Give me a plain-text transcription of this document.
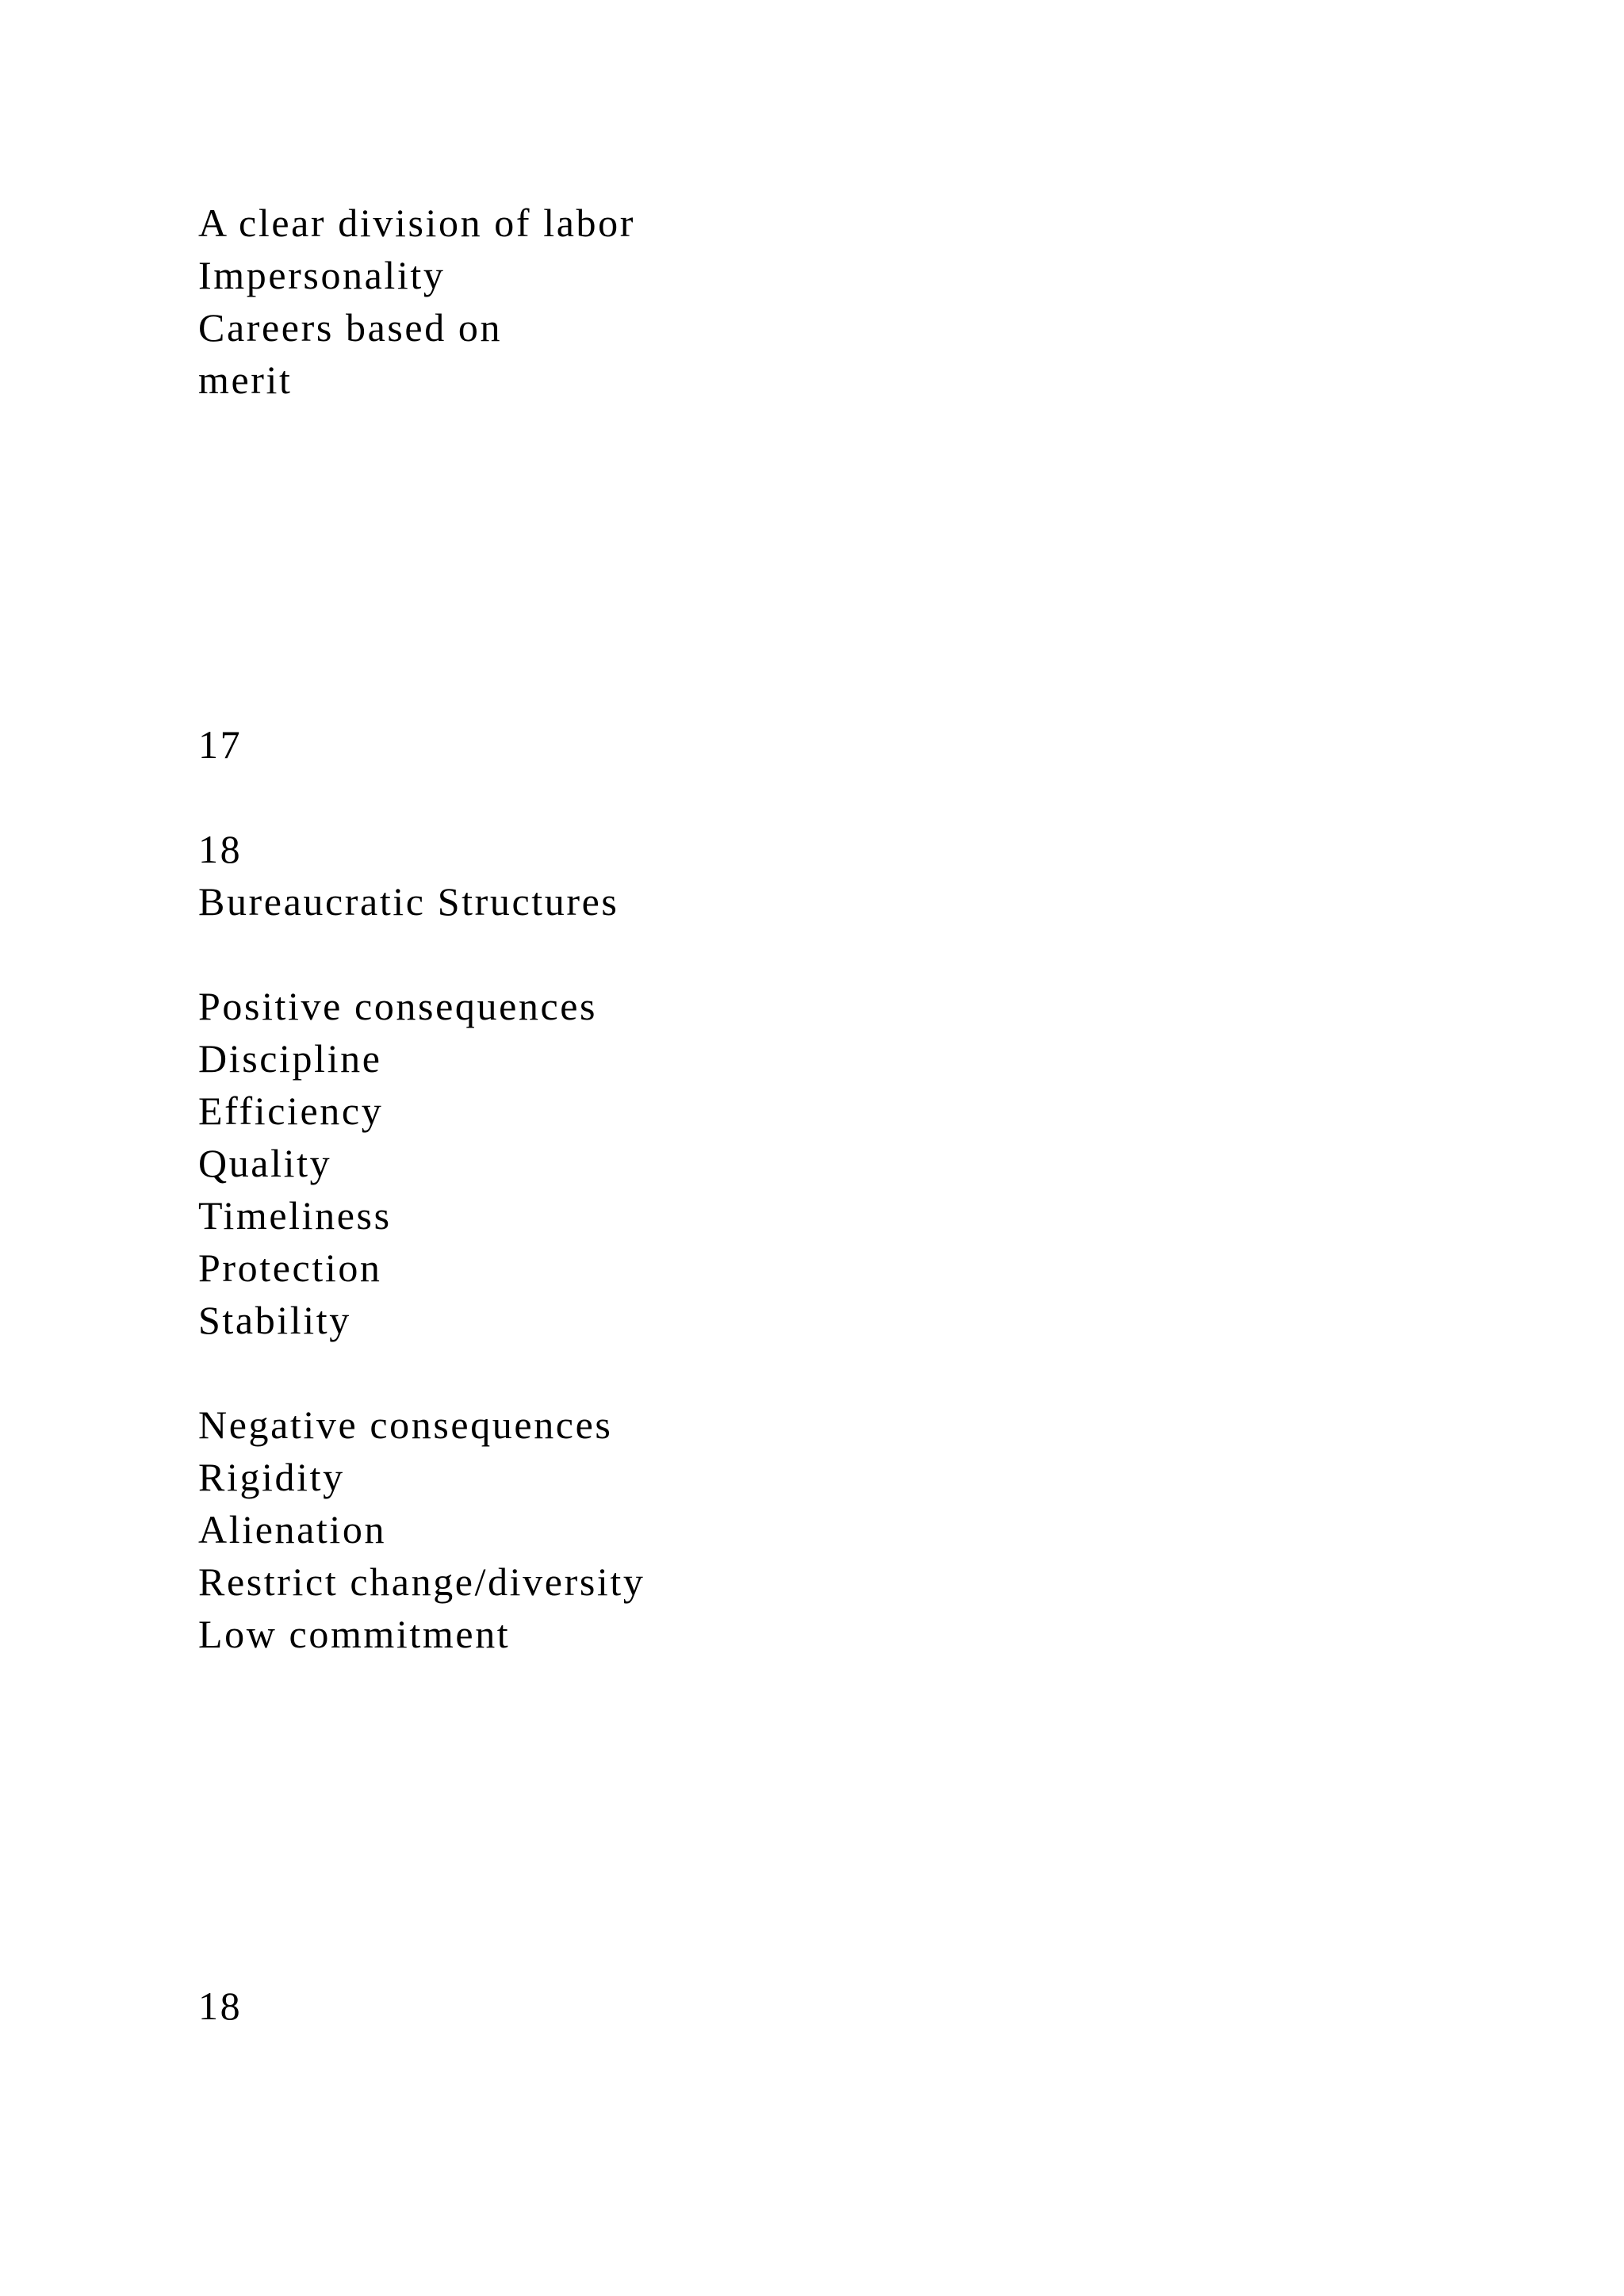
A clear division of labor
Impersonality
Careers based on
merit
17
18
Bureaucratic Structures
Positive consequences
Discipline
Efficiency
Quality
Timeliness
Protection
Stability
Negative consequences
Rigidity
Alienation
Restrict change/diversity
Low commitment
18
